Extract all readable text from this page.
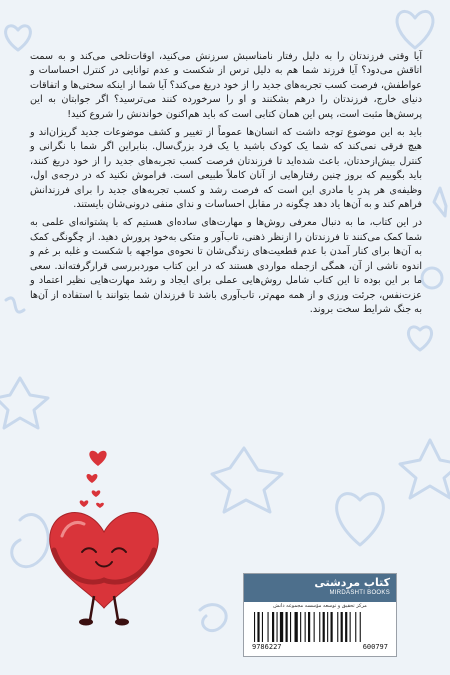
آیا وقتی فرزندتان را به دلیل رفتار نامناسبش سرزنش می‌کنید، اوقات‌تلخی می‌کند و به سمت اتاقش می‌دود؟ آیا فرزند شما هم به دلیل ترس از شکست و عدم توانایی در کنترل احساسات و عواطفش، فرصت کسب تجربه‌های جدید را از خود دریغ می‌کند؟ آیا شما از اینکه سختی‌ها و اتفاقات دنیای خارج، فرزندتان را درهم بشکنند و او را سرخورده کنند می‌ترسید؟ اگر جوابتان به این پرسش‌ها مثبت است، پس این همان کتابی است که باید هم‌اکنون خواندنش را شروع کنید!

باید به این موضوع توجه داشت که انسان‌ها عموماً از تغییر و کشف موضوعات جدید گریزان‌اند و هیچ فرقی نمی‌کند که شما یک کودک باشید یا یک فرد بزرگ‌سال. بنابراین اگر شما با نگرانی و کنترل بیش‌ازحدتان، باعث شده‌اید تا فرزندتان فرصت کسب تجربه‌های جدید را از خود دریغ کنند، باید بگوییم که بروز چنین رفتارهایی از آنان کاملاً طبیعی است. فراموش نکنید که در درجه‌ی اول، وظیفه‌ی هر پدر یا مادری این است که فرصت رشد و کسب تجربه‌های جدید را برای فرزندانش فراهم کند و به آن‌ها یاد دهد چگونه در مقابل احساسات و ندای منفی درونی‌شان بایستند.

در این کتاب، ما به دنبال معرفی روش‌ها و مهارت‌های ساده‌ای هستیم که با پشتوانه‌ای علمی به شما کمک می‌کنند تا فرزندتان را ازنظر ذهنی، تاب‌آور و متکی به‌خود پرورش دهید. از چگونگی کمک به آن‌ها برای کنار آمدن با عدم قطعیت‌های زندگی‌شان تا نحوه‌ی مواجهه با شکست و غلبه بر غم و اندوه ناشی از آن، همگی ازجمله مواردی هستند که در این کتاب موردبررسی قرارگرفته‌اند. سعی ما بر این بوده تا این کتاب شامل روش‌هایی عملی برای ایجاد و رشد مهارت‌هایی نظیر اعتماد و عزت‌نفس، جرئت ورزی و از همه مهم‌تر، تاب‌آوری باشد تا فرزندان شما بتوانند با استفاده از آن‌ها به جنگ شرایط سخت بروند.

کتاب مردشتی
MIRDASHTI BOOKS
مرکز تحقیق و توسعه مؤسسه مجموعه دانش
9786227	600797
